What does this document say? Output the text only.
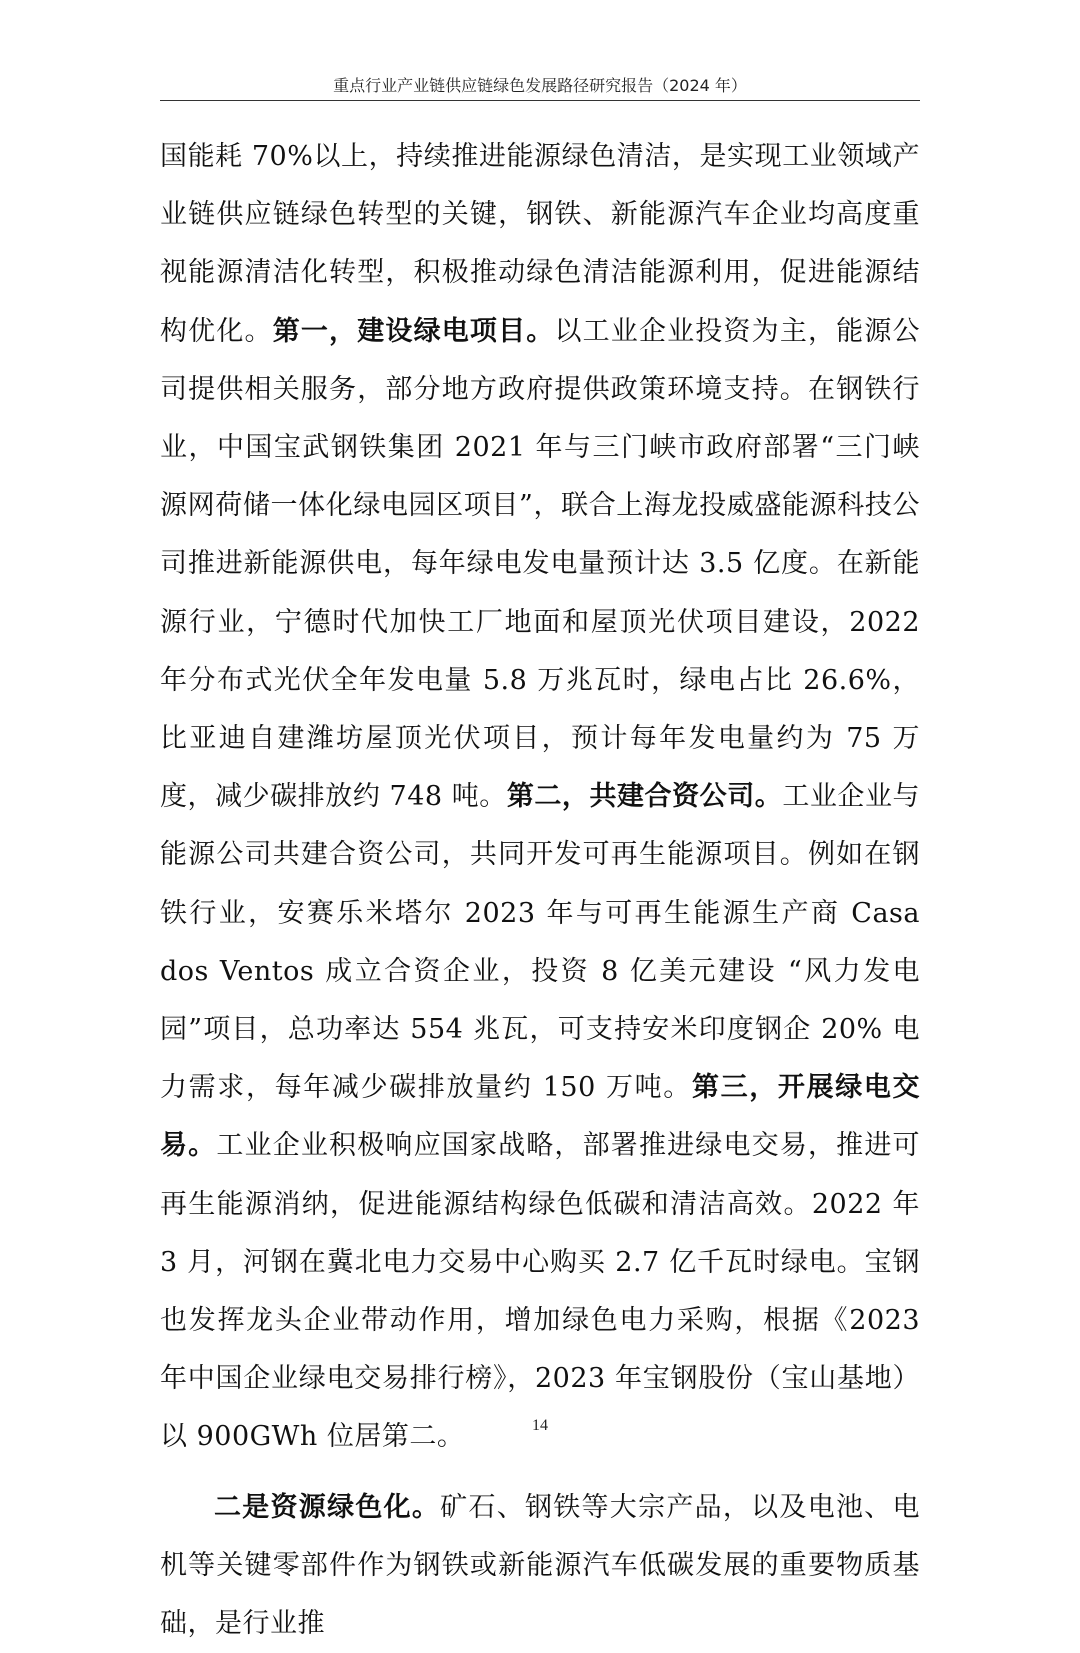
重点行业产业链供应链绿色发展路径研究报告（2024 年）

国能耗 70%以上，持续推进能源绿色清洁，是实现工业领域产业链供应链绿色转型的关键，钢铁、新能源汽车企业均高度重视能源清洁化转型，积极推动绿色清洁能源利用，促进能源结构优化。第一，建设绿电项目。以工业企业投资为主，能源公司提供相关服务，部分地方政府提供政策环境支持。在钢铁行业，中国宝武钢铁集团 2021 年与三门峡市政府部署“三门峡源网荷储一体化绿电园区项目”，联合上海龙投威盛能源科技公司推进新能源供电，每年绿电发电量预计达 3.5 亿度。在新能源行业，宁德时代加快工厂地面和屋顶光伏项目建设，2022 年分布式光伏全年发电量 5.8 万兆瓦时，绿电占比 26.6%，比亚迪自建潍坊屋顶光伏项目，预计每年发电量约为 75 万度，减少碳排放约 748 吨。第二，共建合资公司。工业企业与能源公司共建合资公司，共同开发可再生能源项目。例如在钢铁行业，安赛乐米塔尔 2023 年与可再生能源生产商 Casa dos Ventos 成立合资企业，投资 8 亿美元建设 “风力发电园”项目，总功率达 554 兆瓦，可支持安米印度钢企 20% 电力需求，每年减少碳排放量约 150 万吨。第三，开展绿电交易。工业企业积极响应国家战略，部署推进绿电交易，推进可再生能源消纳，促进能源结构绿色低碳和清洁高效。2022 年 3 月，河钢在冀北电力交易中心购买 2.7 亿千瓦时绿电。宝钢也发挥龙头企业带动作用，增加绿色电力采购，根据《2023 年中国企业绿电交易排行榜》，2023 年宝钢股份（宝山基地）以 900GWh 位居第二。

二是资源绿色化。矿石、钢铁等大宗产品，以及电池、电机等关键零部件作为钢铁或新能源汽车低碳发展的重要物质基础，是行业推

14
